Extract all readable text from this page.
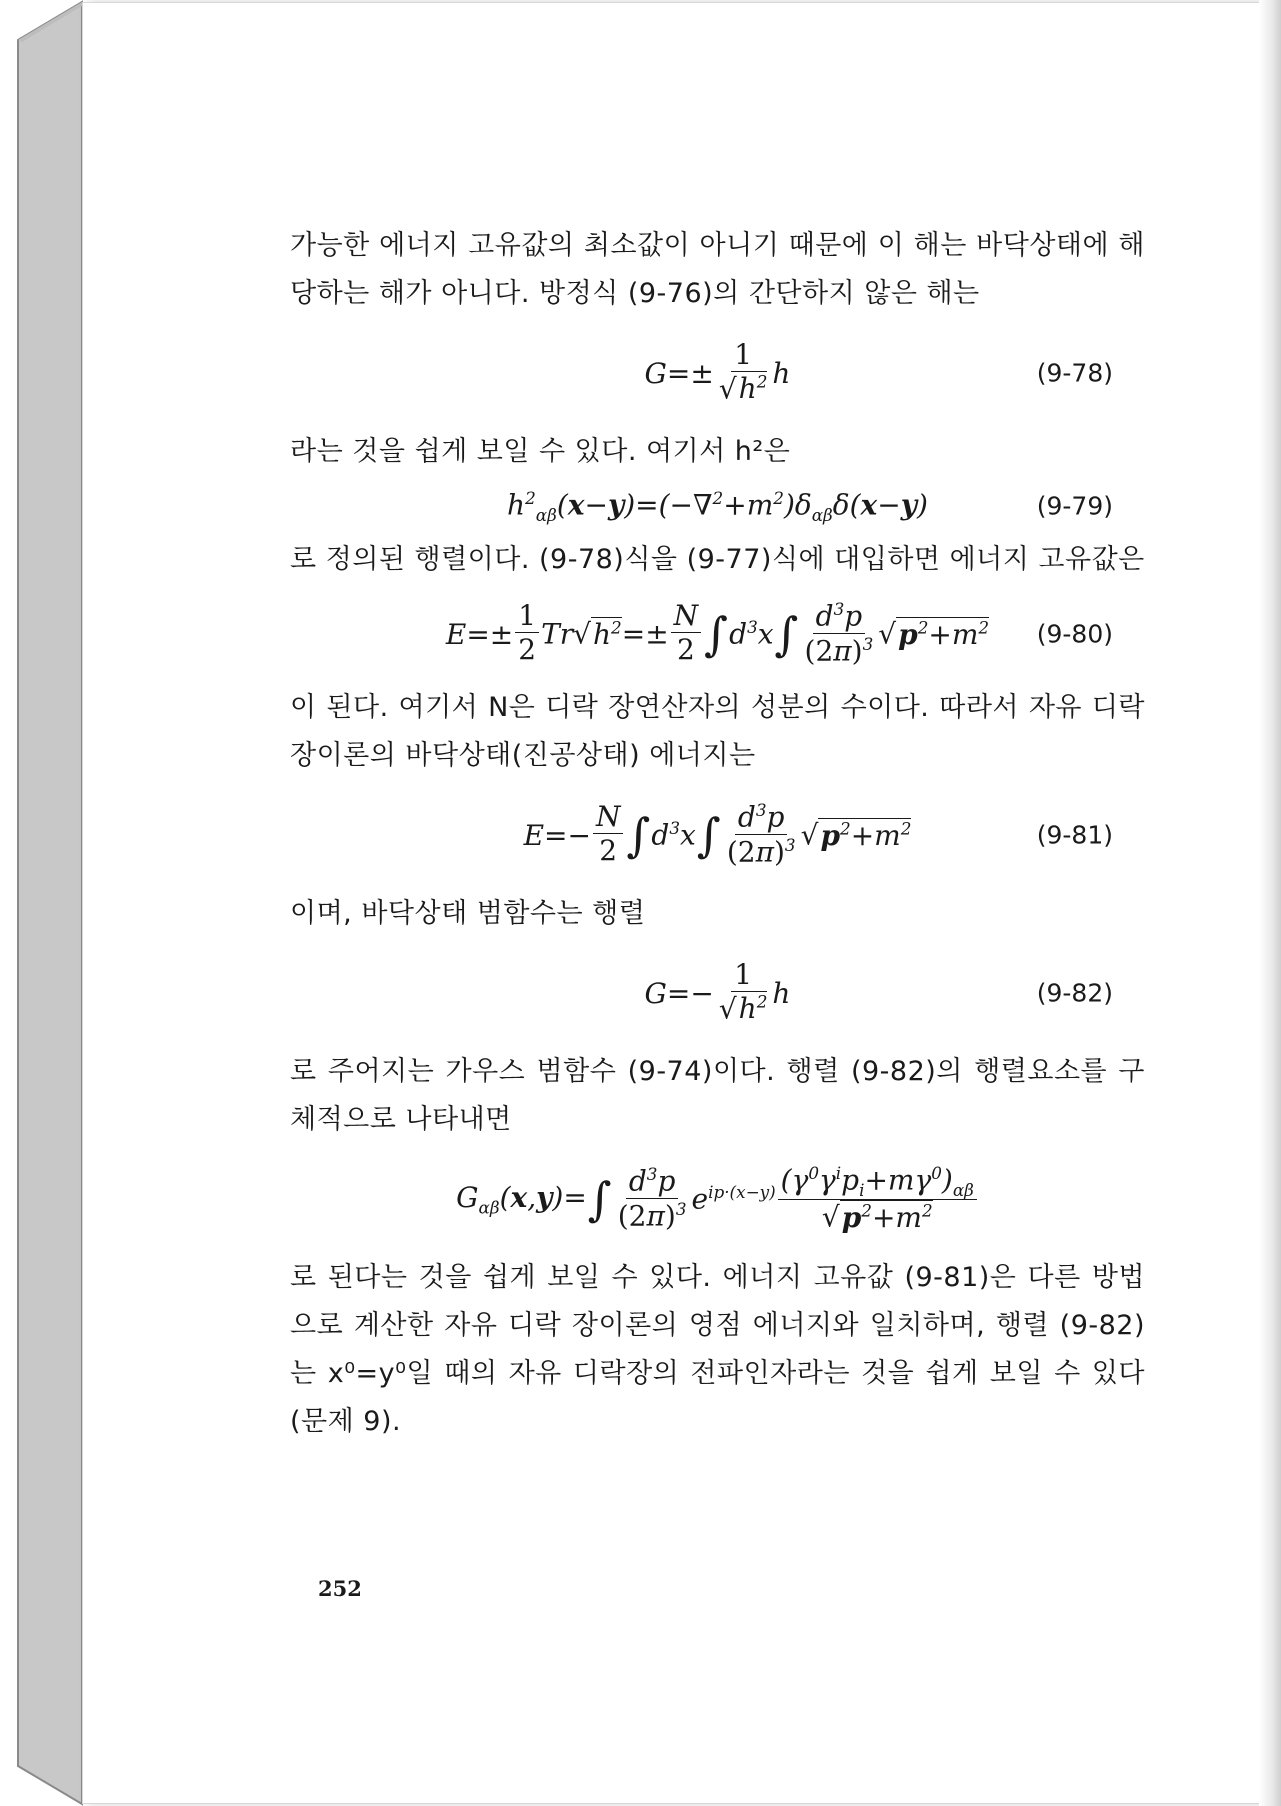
가능한 에너지 고유값의 최소값이 아니기 때문에 이 해는 바닥상태에 해당하는 해가 아니다. 방정식 (9-76)의 간단하지 않은 해는

$G=\pm \frac{1}{√h^2}$ h	(9-78)

라는 것을 쉽게 보일 수 있다. 여기서 h²은

$h^2_{\alpha\beta}(x-y)=(-\nabla^2+m^2)\delta_{\alpha\beta}\delta(x-y)$	(9-79)

로 정의된 행렬이다. (9-78)식을 (9-77)식에 대입하면 에너지 고유값은

$E=\pm \frac{1}{2} Tr√h^2=\pm \frac{N}{2}$ ∫ $d^3x$ ∫ $\frac{d^3p}{(2\pi)^3} √p^2+m^2$ (9-80)

이 된다. 여기서 N은 디락 장연산자의 성분의 수이다. 따라서 자유 디락 장이론의 바닥상태(진공상태) 에너지는

$E=- \frac{N}{2}$ ∫ $d^3x$ ∫ $\frac{d^3p}{(2\pi)^3} √p^2+m^2$	(9-81)

이며, 바닥상태 범함수는 행렬

$G=- \frac{1}{√h^2}$ h	(9-82)

로 주어지는 가우스 범함수 (9-74)이다. 행렬 (9-82)의 행렬요소를 구체적으로 나타내면

$G_{\alpha\beta}(x,y)=$ ∫ $\frac{d^3p}{(2\pi)^3} e^{ip\cdot(x-y)} \frac{(\gamma^0\gamma^ip_i+m\gamma^0)_{\alpha\beta}}{√p^2+m^2}$

로 된다는 것을 쉽게 보일 수 있다. 에너지 고유값 (9-81)은 다른 방법으로 계산한 자유 디락 장이론의 영점 에너지와 일치하며, 행렬 (9-82)는 x⁰=y⁰일 때의 자유 디락장의 전파인자라는 것을 쉽게 보일 수 있다(문제 9).

252
